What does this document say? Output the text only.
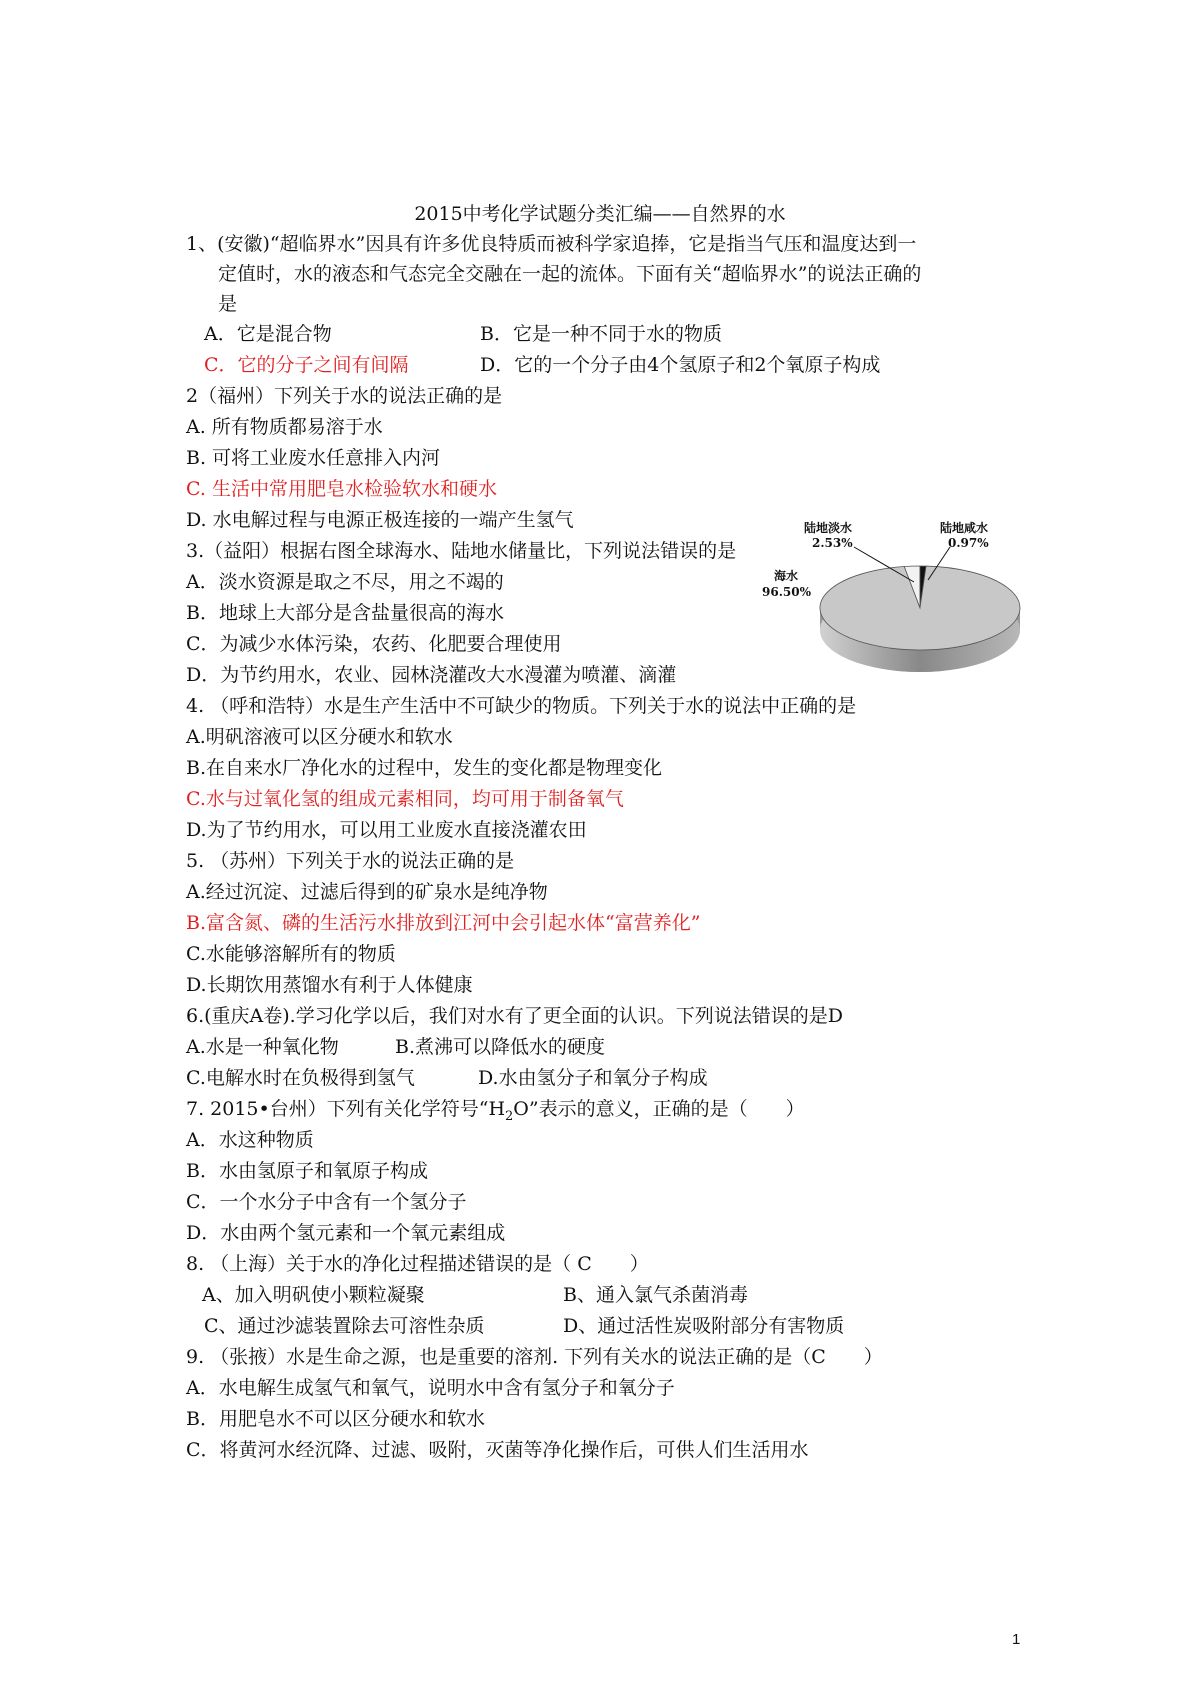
2015中考化学试题分类汇编——自然界的水
1、(安徽)“超临界水”因具有许多优良特质而被科学家追捧，它是指当气压和温度达到一
定值时，水的液态和气态完全交融在一起的流体。下面有关“超临界水”的说法正确的
是
A．它是混合物	B．它是一种不同于水的物质
C．它的分子之间有间隔	D．它的一个分子由4个氢原子和2个氧原子构成
2（福州）下列关于水的说法正确的是
A. 所有物质都易溶于水
B. 可将工业废水任意排入内河
C. 生活中常用肥皂水检验软水和硬水
D. 水电解过程与电源正极连接的一端产生氢气
3.（益阳）根据右图全球海水、陆地水储量比，下列说法错误的是
A．淡水资源是取之不尽，用之不竭的
B．地球上大部分是含盐量很高的海水
C．为减少水体污染，农药、化肥要合理使用
D．为节约用水，农业、园林浇灌改大水漫灌为喷灌、滴灌
陆地淡水
2.53%
陆地咸水
0.97%
海水
96.50%
4. （呼和浩特）水是生产生活中不可缺少的物质。下列关于水的说法中正确的是
A.明矾溶液可以区分硬水和软水
B.在自来水厂净化水的过程中，发生的变化都是物理变化
C.水与过氧化氢的组成元素相同，均可用于制备氧气
D.为了节约用水，可以用工业废水直接浇灌农田
5. （苏州）下列关于水的说法正确的是
A.经过沉淀、过滤后得到的矿泉水是纯净物
B.富含氮、磷的生活污水排放到江河中会引起水体“富营养化”
C.水能够溶解所有的物质
D.长期饮用蒸馏水有利于人体健康
6.(重庆A卷).学习化学以后，我们对水有了更全面的认识。下列说法错误的是D
A.水是一种氧化物	B.煮沸可以降低水的硬度
C.电解水时在负极得到氢气	D.水由氢分子和氧分子构成
7. 2015•台州）下列有关化学符号“$H_2O$”表示的意义，正确的是（　　）
A．水这种物质
B．水由氢原子和氧原子构成
C．一个水分子中含有一个氢分子
D．水由两个氢元素和一个氧元素组成
8. （上海）关于水的净化过程描述错误的是（ C　　）
A、加入明矾使小颗粒凝聚	B、通入氯气杀菌消毒
C、通过沙滤装置除去可溶性杂质	D、通过活性炭吸附部分有害物质
9. （张掖）水是生命之源，也是重要的溶剂. 下列有关水的说法正确的是（C　　）
A．水电解生成氢气和氧气，说明水中含有氢分子和氧分子
B．用肥皂水不可以区分硬水和软水
C．将黄河水经沉降、过滤、吸附，灭菌等净化操作后，可供人们生活用水
1
